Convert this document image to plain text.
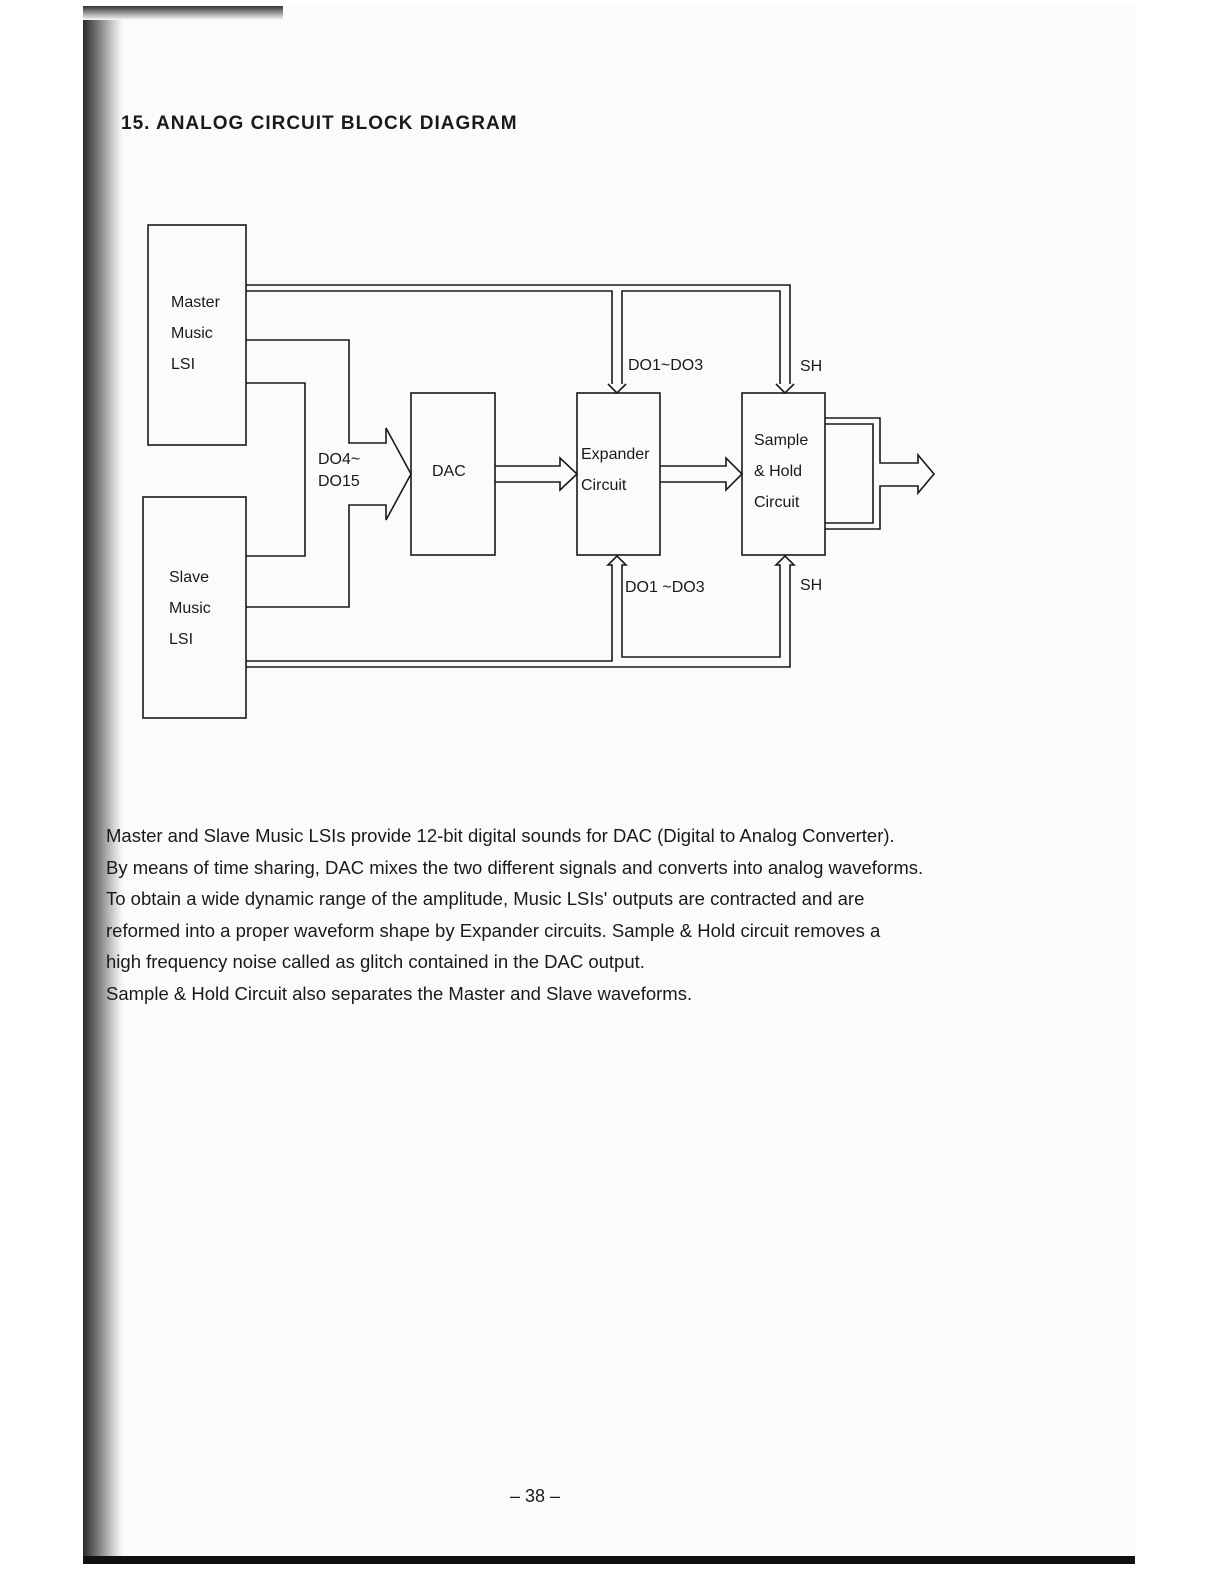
15. ANALOG CIRCUIT BLOCK DIAGRAM
Master
Music
LSI
Slave
Music
LSI
DAC
Expander
Circuit
Sample
& Hold
Circuit
DO4~
DO15
DO1~DO3	SH
DO1 ~DO3	SH
Master and Slave Music LSIs provide 12-bit digital sounds for DAC (Digital to Analog Converter).
By means of time sharing, DAC mixes the two different signals and converts into analog waveforms.
To obtain a wide dynamic range of the amplitude, Music LSIs' outputs are contracted and are
reformed into a proper waveform shape by Expander circuits. Sample & Hold circuit removes a
high frequency noise called as glitch contained in the DAC output.
Sample & Hold Circuit also separates the Master and Slave waveforms.
– 38 –
